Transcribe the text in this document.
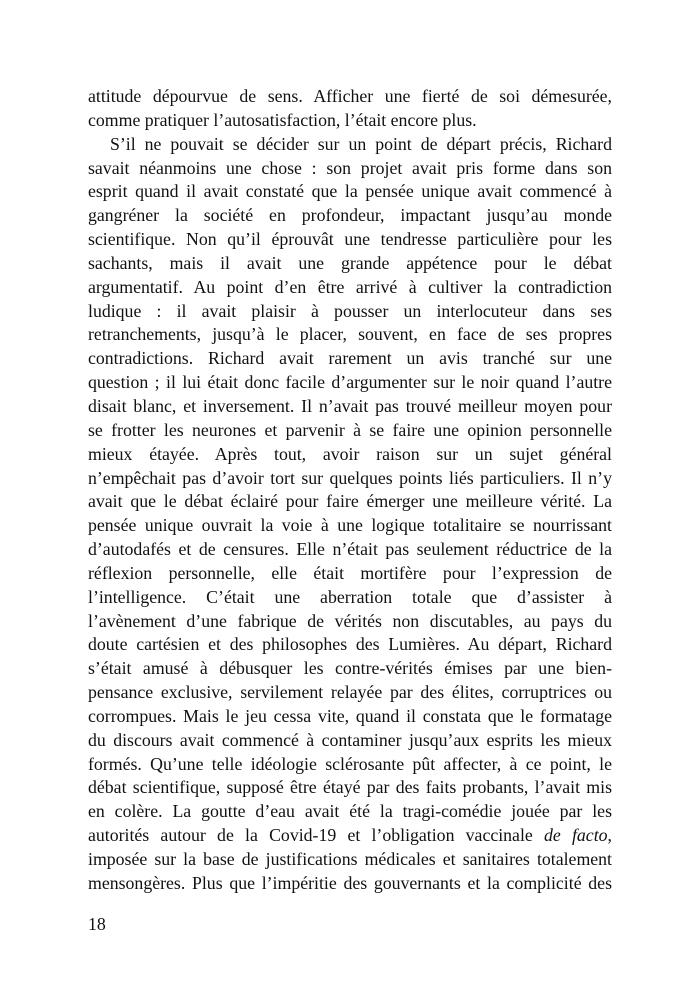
attitude dépourvue de sens. Afficher une fierté de soi démesurée,
comme pratiquer l’autosatisfaction, l’était encore plus.
S’il ne pouvait se décider sur un point de départ précis, Richard
savait néanmoins une chose : son projet avait pris forme dans son
esprit quand il avait constaté que la pensée unique avait commencé à
gangréner la société en profondeur, impactant jusqu’au monde
scientifique. Non qu’il éprouvât une tendresse particulière pour les
sachants, mais il avait une grande appétence pour le débat
argumentatif. Au point d’en être arrivé à cultiver la contradiction
ludique : il avait plaisir à pousser un interlocuteur dans ses
retranchements, jusqu’à le placer, souvent, en face de ses propres
contradictions. Richard avait rarement un avis tranché sur une
question ; il lui était donc facile d’argumenter sur le noir quand l’autre
disait blanc, et inversement. Il n’avait pas trouvé meilleur moyen pour
se frotter les neurones et parvenir à se faire une opinion personnelle
mieux étayée. Après tout, avoir raison sur un sujet général
n’empêchait pas d’avoir tort sur quelques points liés particuliers. Il n’y
avait que le débat éclairé pour faire émerger une meilleure vérité. La
pensée unique ouvrait la voie à une logique totalitaire se nourrissant
d’autodafés et de censures. Elle n’était pas seulement réductrice de la
réflexion personnelle, elle était mortifère pour l’expression de
l’intelligence. C’était une aberration totale que d’assister à
l’avènement d’une fabrique de vérités non discutables, au pays du
doute cartésien et des philosophes des Lumières. Au départ, Richard
s’était amusé à débusquer les contre-vérités émises par une bien-
pensance exclusive, servilement relayée par des élites, corruptrices ou
corrompues. Mais le jeu cessa vite, quand il constata que le formatage
du discours avait commencé à contaminer jusqu’aux esprits les mieux
formés. Qu’une telle idéologie sclérosante pût affecter, à ce point, le
débat scientifique, supposé être étayé par des faits probants, l’avait mis
en colère. La goutte d’eau avait été la tragi-comédie jouée par les
autorités autour de la Covid-19 et l’obligation vaccinale de facto,
imposée sur la base de justifications médicales et sanitaires totalement
mensongères. Plus que l’impéritie des gouvernants et la complicité des
18
